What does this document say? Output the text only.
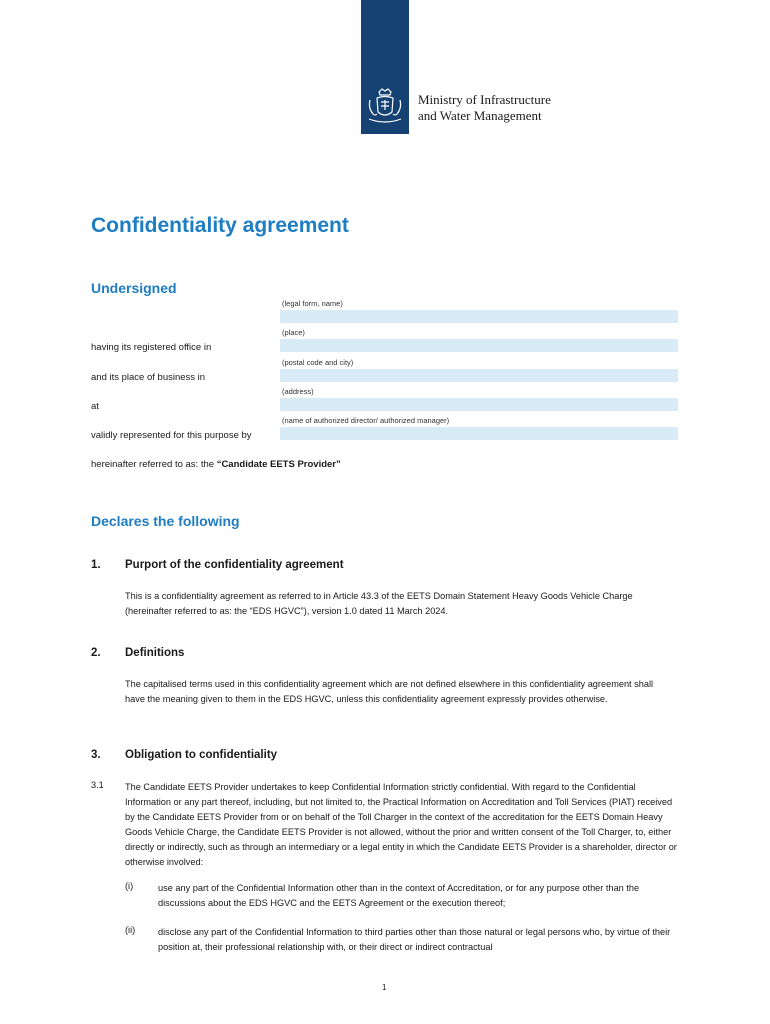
Ministry of Infrastructure
and Water Management
Confidentiality agreement
Undersigned
(legal form, name)
(place)
having its registered office in
(postal code and city)
and its place of business in
(address)
at
(name of authorized director/ authorized manager)
validly represented for this purpose by
hereinafter referred to as: the “Candidate EETS Provider”
Declares the following
1. Purport of the confidentiality agreement
This is a confidentiality agreement as referred to in Article 43.3 of the EETS Domain Statement Heavy Goods Vehicle Charge (hereinafter referred to as: the “EDS HGVC”), version 1.0 dated 11 March 2024.
2. Definitions
The capitalised terms used in this confidentiality agreement which are not defined elsewhere in this confidentiality agreement shall have the meaning given to them in the EDS HGVC, unless this confidentiality agreement expressly provides otherwise.
3. Obligation to confidentiality
3.1 The Candidate EETS Provider undertakes to keep Confidential Information strictly confidential. With regard to the Confidential Information or any part thereof, including, but not limited to, the Practical Information on Accreditation and Toll Services (PIAT) received by the Candidate EETS Provider from or on behalf of the Toll Charger in the context of the accreditation for the EETS Domain Heavy Goods Vehicle Charge, the Candidate EETS Provider is not allowed, without the prior and written consent of the Toll Charger, to, either directly or indirectly, such as through an intermediary or a legal entity in which the Candidate EETS Provider is a shareholder, director or otherwise involved:
(i)	use any part of the Confidential Information other than in the context of Accreditation, or for any purpose other than the discussions about the EDS HGVC and the EETS Agreement or the execution thereof;
(ii) disclose any part of the Confidential Information to third parties other than those natural or legal persons who, by virtue of their position at, their professional relationship with, or their direct or indirect contractual
1
